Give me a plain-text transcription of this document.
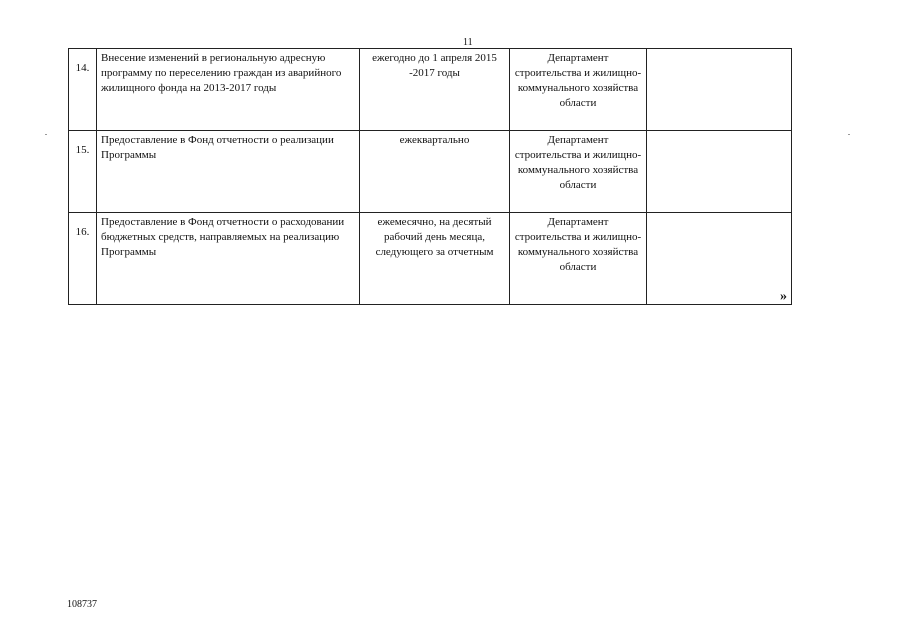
11
14.	Внесение изменений в региональную адресную программу по переселению граждан из аварийного жилищного фонда на 2013-2017 годы	ежегодно до 1 апреля 2015 -2017 годы	Департамент строительства и жилищно-коммунального хозяйства области	
15.	Предоставление в Фонд отчетности о реализации Программы	ежеквартально	Департамент строительства и жилищно-коммунального хозяйства области	
16.	Предоставление в Фонд отчетности о расходовании бюджетных средств, направляемых на реализацию Программы	ежемесячно, на десятый рабочий день месяца, следующего за отчетным	Департамент строительства и жилищно-коммунального хозяйства области	
»
108737
